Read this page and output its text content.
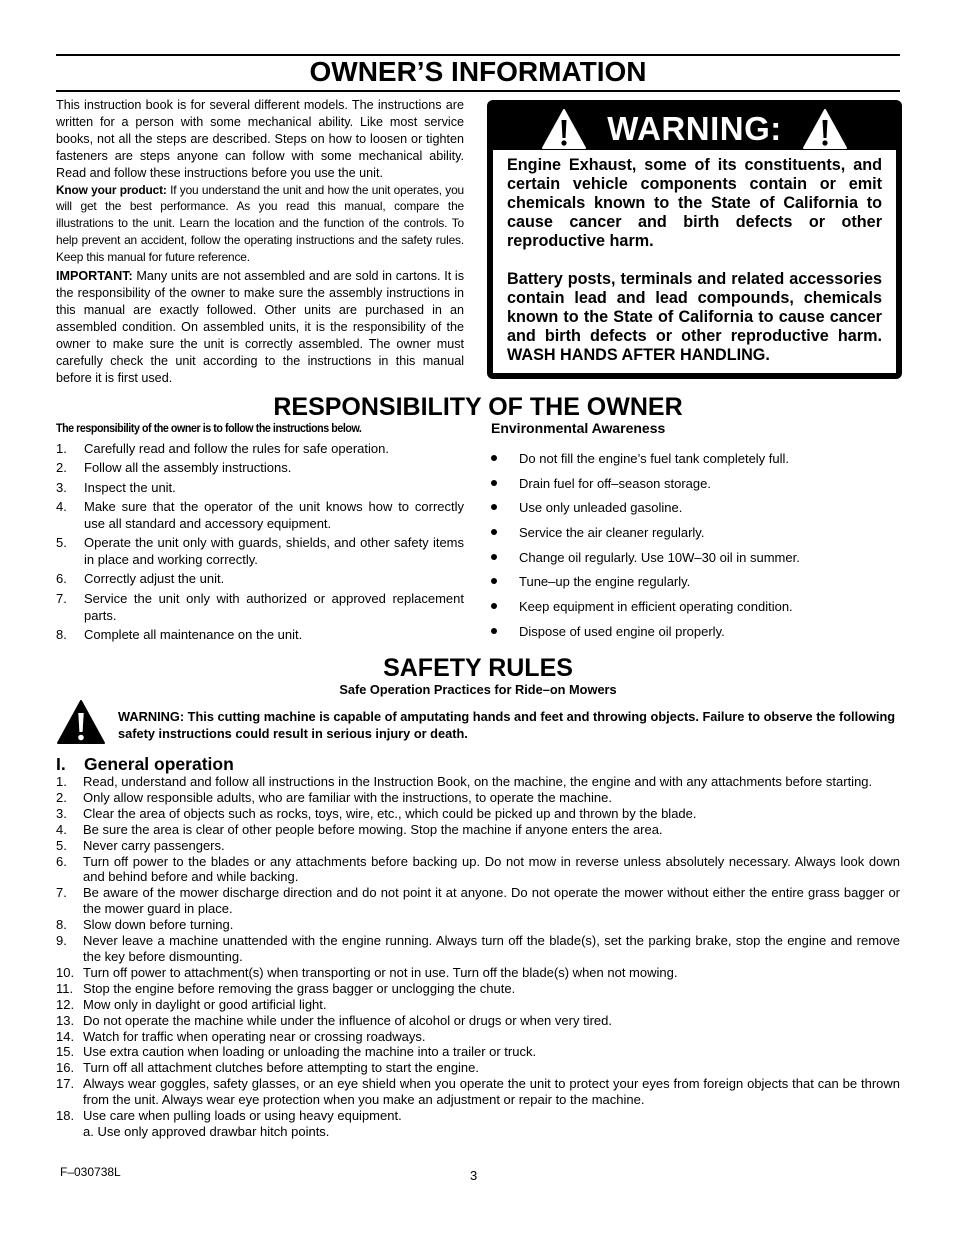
OWNER’S INFORMATION

This instruction book is for several different models. The instructions are written for a person with some mechanical ability. Like most service books, not all the steps are described. Steps on how to loosen or tighten fasteners are steps anyone can follow with some mechanical ability. Read and follow these instructions before you use the unit.

Know your product: If you understand the unit and how the unit operates, you will get the best performance. As you read this manual, compare the illustrations to the unit. Learn the location and the function of the controls. To help prevent an accident, follow the operating instructions and the safety rules. Keep this manual for future reference.

IMPORTANT: Many units are not assembled and are sold in cartons. It is the responsibility of the owner to make sure the assembly instructions in this manual are exactly followed. Other units are purchased in an assembled condition. On assembled units, it is the responsibility of the owner to make sure the unit is correctly assembled. The owner must carefully check the unit according to the instructions in this manual before it is first used.

WARNING:

Engine Exhaust, some of its constituents, and certain vehicle components contain or emit chemicals known to the State of California to cause cancer and birth defects or other reproductive harm.

Battery posts, terminals and related accessories contain lead and lead compounds, chemicals known to the State of California to cause cancer and birth defects or other reproductive harm. WASH HANDS AFTER HANDLING.

RESPONSIBILITY OF THE OWNER
The responsibility of the owner is to follow the instructions below.
1. Carefully read and follow the rules for safe operation.
2. Follow all the assembly instructions.
3. Inspect the unit.
4. Make sure that the operator of the unit knows how to correctly use all standard and accessory equipment.
5. Operate the unit only with guards, shields, and other safety items in place and working correctly.
6. Correctly adjust the unit.
7. Service the unit only with authorized or approved replacement parts.
8. Complete all maintenance on the unit.
Environmental Awareness
Do not fill the engine’s fuel tank completely full.
Drain fuel for off–season storage.
Use only unleaded gasoline.
Service the air cleaner regularly.
Change oil regularly. Use 10W–30 oil in summer.
Tune–up the engine regularly.
Keep equipment in efficient operating condition.
Dispose of used engine oil properly.
SAFETY RULES
Safe Operation Practices for Ride–on Mowers
WARNING: This cutting machine is capable of amputating hands and feet and throwing objects. Failure to observe the following safety instructions could result in serious injury or death.
I. General operation
1. Read, understand and follow all instructions in the Instruction Book, on the machine, the engine and with any attachments before starting.
2. Only allow responsible adults, who are familiar with the instructions, to operate the machine.
3. Clear the area of objects such as rocks, toys, wire, etc., which could be picked up and thrown by the blade.
4. Be sure the area is clear of other people before mowing. Stop the machine if anyone enters the area.
5. Never carry passengers.
6. Turn off power to the blades or any attachments before backing up. Do not mow in reverse unless absolutely necessary. Always look down and behind before and while backing.
7. Be aware of the mower discharge direction and do not point it at anyone. Do not operate the mower without either the entire grass bagger or the mower guard in place.
8. Slow down before turning.
9. Never leave a machine unattended with the engine running. Always turn off the blade(s), set the parking brake, stop the engine and remove the key before dismounting.
10. Turn off power to attachment(s) when transporting or not in use. Turn off the blade(s) when not mowing.
11. Stop the engine before removing the grass bagger or unclogging the chute.
12. Mow only in daylight or good artificial light.
13. Do not operate the machine while under the influence of alcohol or drugs or when very tired.
14. Watch for traffic when operating near or crossing roadways.
15. Use extra caution when loading or unloading the machine into a trailer or truck.
16. Turn off all attachment clutches before attempting to start the engine.
17. Always wear goggles, safety glasses, or an eye shield when you operate the unit to protect your eyes from foreign objects that can be thrown from the unit. Always wear eye protection when you make an adjustment or repair to the machine.
18. Use care when pulling loads or using heavy equipment.
a. Use only approved drawbar hitch points.
F–030738L	3
